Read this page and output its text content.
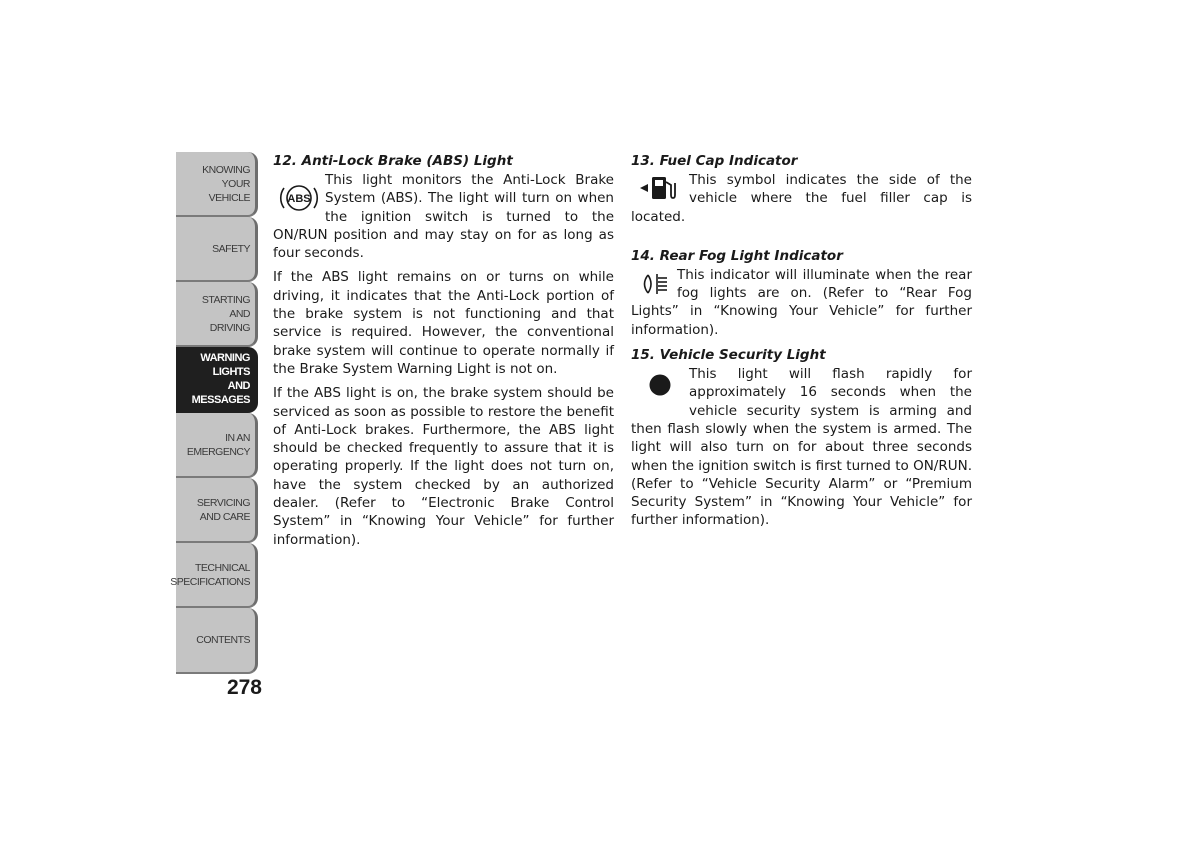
KNOWING
YOUR
VEHICLE
SAFETY
STARTING
AND
DRIVING
WARNING
LIGHTS
AND
MESSAGES
IN AN
EMERGENCY
SERVICING
AND CARE
TECHNICAL
SPECIFICATIONS
CONTENTS
278
12. Anti-Lock Brake (ABS) Light
ABS

This light monitors the Anti-Lock Brake System (ABS). The light will turn on when the ignition switch is turned to the ON/RUN position and may stay on for as long as four seconds.

If the ABS light remains on or turns on while driving, it indicates that the Anti-Lock portion of the brake system is not functioning and that service is required. However, the conventional brake system will continue to operate normally if the Brake System Warning Light is not on.

If the ABS light is on, the brake system should be serviced as soon as possible to restore the benefit of Anti-Lock brakes. Furthermore, the ABS light should be checked frequently to assure that it is operating properly. If the light does not turn on, have the system checked by an authorized dealer. (Refer to “Electronic Brake Control System” in “Knowing Your Vehicle” for further information).

13. Fuel Cap Indicator

This symbol indicates the side of the vehicle where the fuel filler cap is located.

14. Rear Fog Light Indicator

This indicator will illuminate when the rear fog lights are on. (Refer to “Rear Fog Lights” in “Knowing Your Vehicle” for further information).

15. Vehicle Security Light

This light will flash rapidly for approximately 16 seconds when the vehicle security system is arming and then flash slowly when the system is armed. The light will also turn on for about three seconds when the ignition switch is first turned to ON/RUN. (Refer to “Vehicle Security Alarm” or “Premium Security System” in “Knowing Your Vehicle” for further information).
